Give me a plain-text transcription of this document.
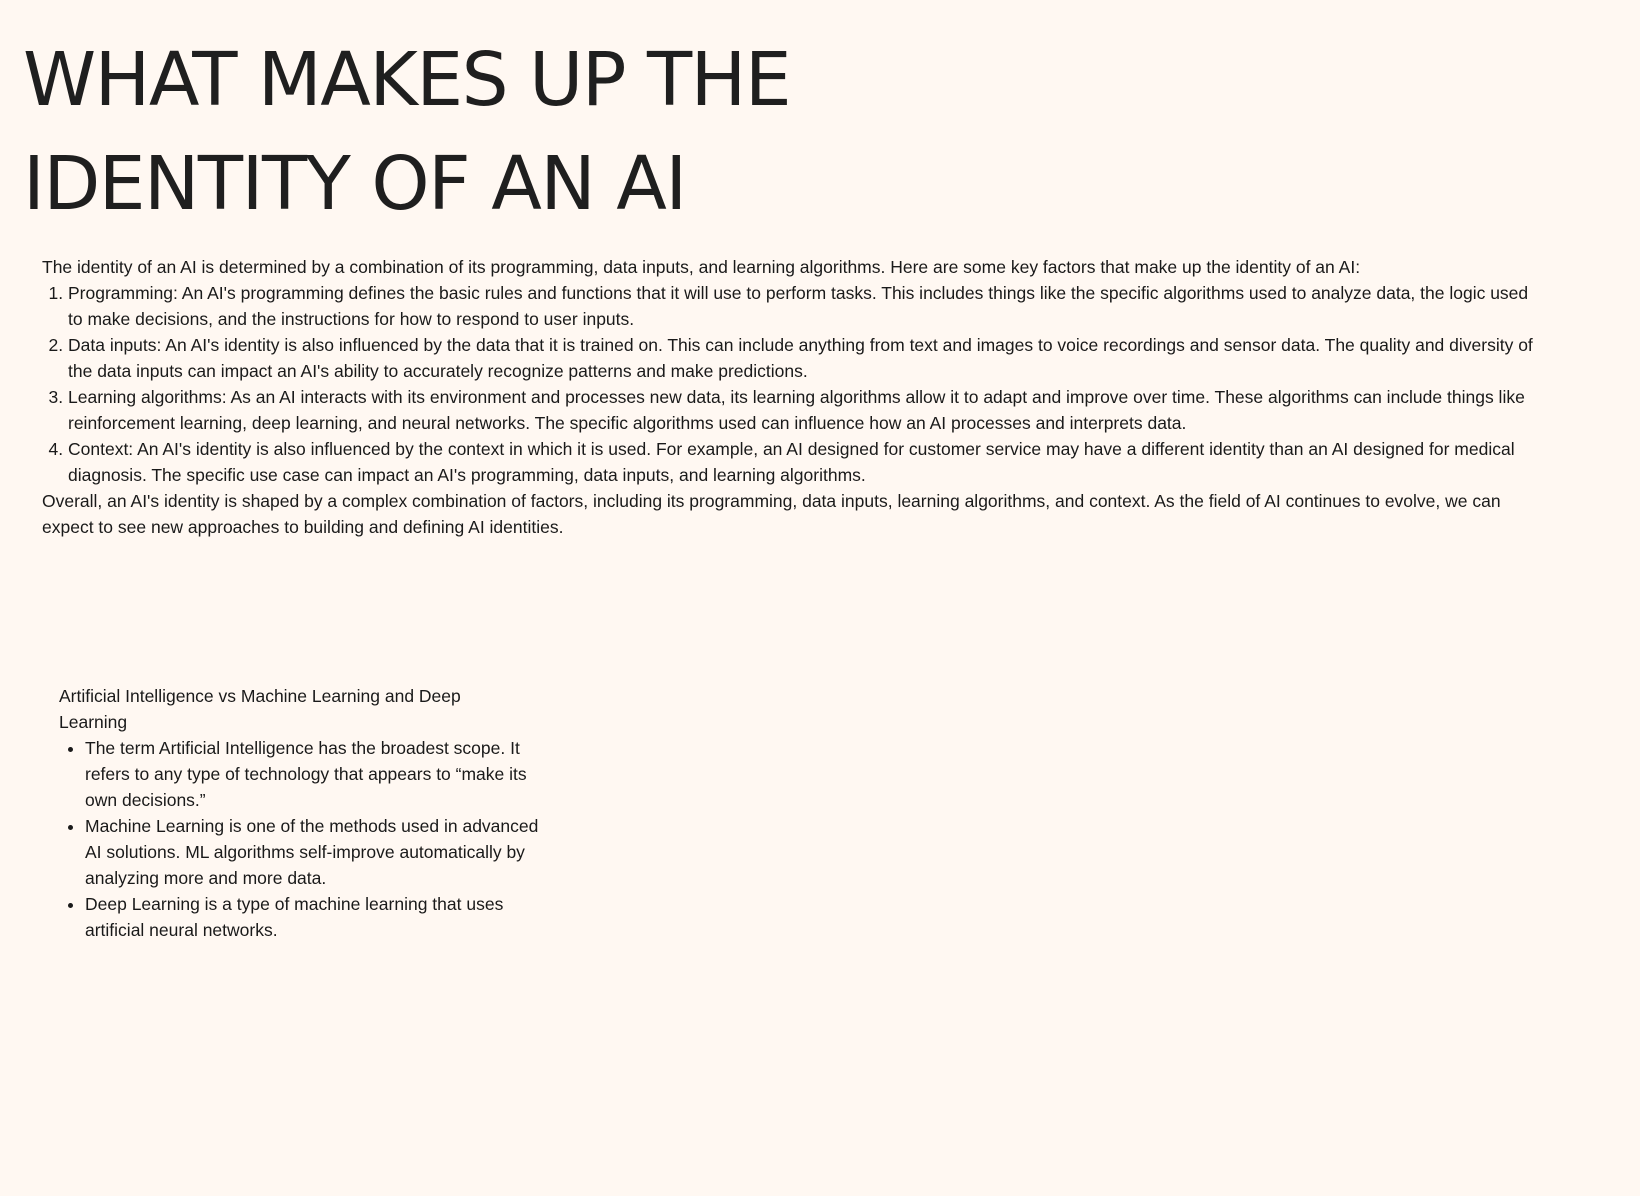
WHAT MAKES UP THE
IDENTITY OF AN AI

The identity of an AI is determined by a combination of its programming, data inputs, and learning algorithms. Here are some key factors that make up the identity of an AI:

1. Programming: An AI's programming defines the basic rules and functions that it will use to perform tasks. This includes things like the specific algorithms used to analyze data, the logic used to make decisions, and the instructions for how to respond to user inputs.
2. Data inputs: An AI's identity is also influenced by the data that it is trained on. This can include anything from text and images to voice recordings and sensor data. The quality and diversity of the data inputs can impact an AI's ability to accurately recognize patterns and make predictions.
3. Learning algorithms: As an AI interacts with its environment and processes new data, its learning algorithms allow it to adapt and improve over time. These algorithms can include things like reinforcement learning, deep learning, and neural networks. The specific algorithms used can influence how an AI processes and interprets data.
4. Context: An AI's identity is also influenced by the context in which it is used. For example, an AI designed for customer service may have a different identity than an AI designed for medical diagnosis. The specific use case can impact an AI's programming, data inputs, and learning algorithms.

Overall, an AI's identity is shaped by a complex combination of factors, including its programming, data inputs, learning algorithms, and context. As the field of AI continues to evolve, we can expect to see new approaches to building and defining AI identities.

Artificial Intelligence vs Machine Learning and Deep Learning

• The term Artificial Intelligence has the broadest scope. It refers to any type of technology that appears to “make its own decisions.”
• Machine Learning is one of the methods used in advanced AI solutions. ML algorithms self-improve automatically by analyzing more and more data.
• Deep Learning is a type of machine learning that uses artificial neural networks.
